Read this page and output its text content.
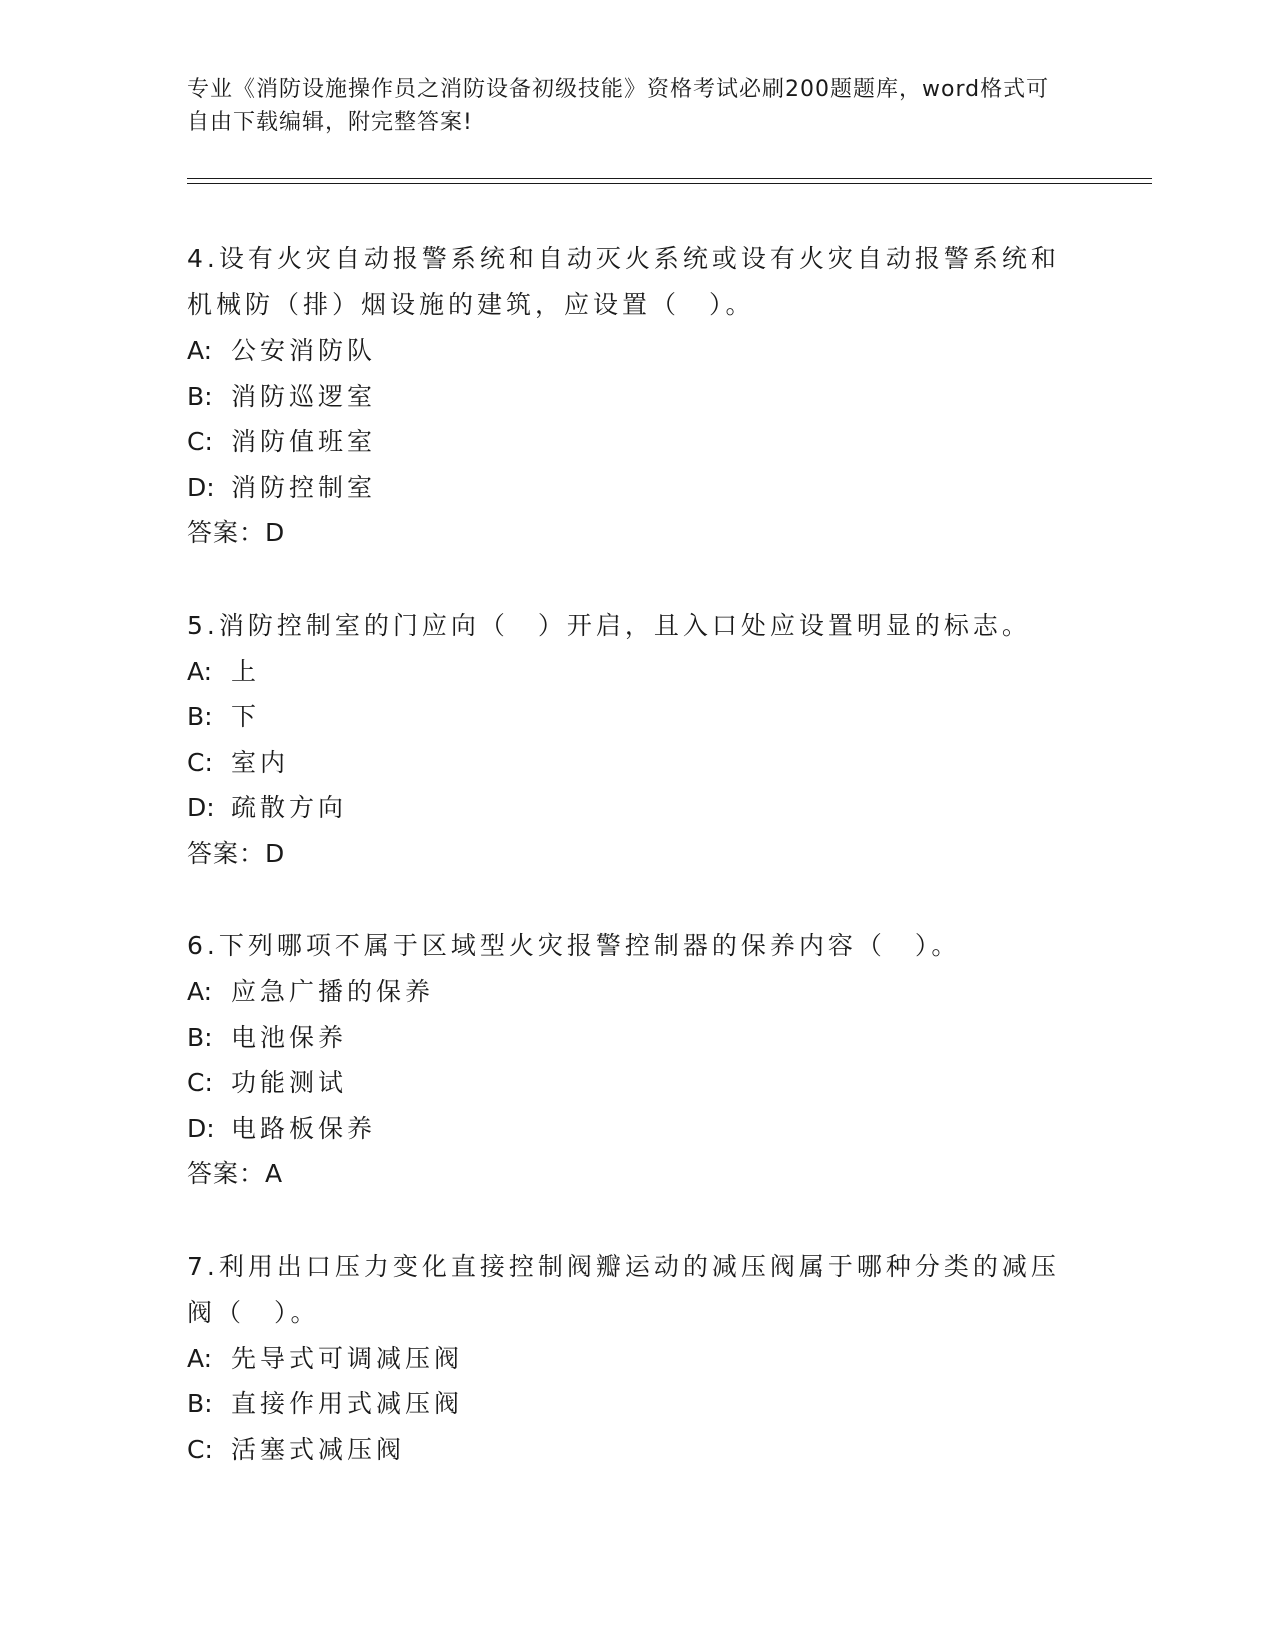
专业《消防设施操作员之消防设备初级技能》资格考试必刷200题题库，word格式可自由下载编辑，附完整答案!

4.设有火灾自动报警系统和自动灭火系统或设有火灾自动报警系统和机械防（排）烟设施的建筑，应设置（　）。

A: 公安消防队

B: 消防巡逻室

C: 消防值班室

D: 消防控制室

答案：D

5.消防控制室的门应向（　）开启，且入口处应设置明显的标志。

A: 上

B: 下

C: 室内

D: 疏散方向

答案：D

6.下列哪项不属于区域型火灾报警控制器的保养内容（　）。

A: 应急广播的保养

B: 电池保养

C: 功能测试

D: 电路板保养

答案：A

7.利用出口压力变化直接控制阀瓣运动的减压阀属于哪种分类的减压阀（　）。

A: 先导式可调减压阀

B: 直接作用式减压阀

C: 活塞式减压阀
